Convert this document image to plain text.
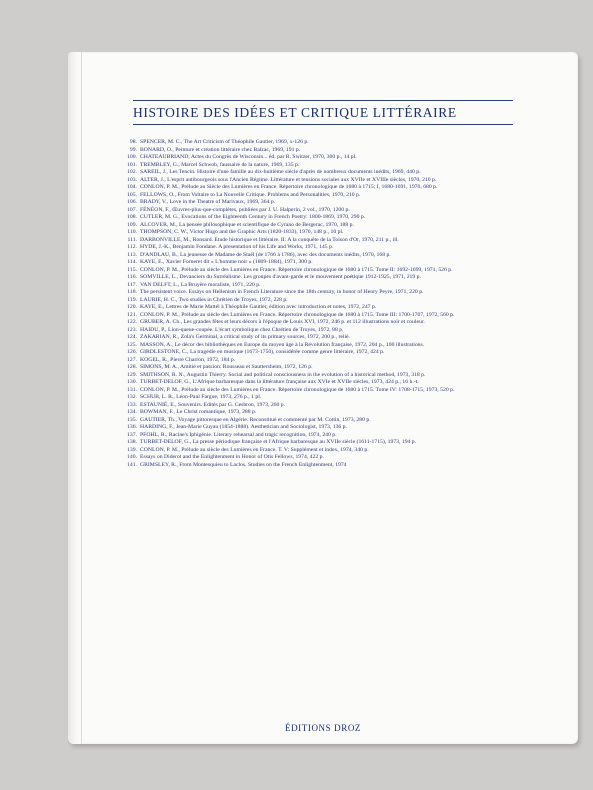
HISTOIRE DES IDÉES ET CRITIQUE LITTÉRAIRE
98. SPENCER, M. C., The Art Criticism of Théophile Gautier, 1969, x-126 p.
99. BONARD, O., Peinture et création littéraire chez Balzac, 1969, 191 p.
100. CHATEAUBRIAND, Actes du Congrès de Wisconsin... éd. par R. Switzer, 1970, 300 p., 14 pl.
101. TREMBLEY, G., Marcel Schwob, faussaire de la nature, 1969, 135 p.
102. SAREIL, J., Les Tencin. Histoire d'une famille au dix-huitième siècle d'après de nombreux documents inédits, 1969, 440 p.
103. ALTER, J., L'esprit antibourgeois sous l'Ancien Régime. Littérature et tensions sociales aux XVIIe et XVIIIe siècles, 1970, 210 p.
104. CONLON, P. M., Prélude au Siècle des Lumières en France. Répertoire chronologique de 1680 à 1715; I, 1680-1691, 1970, 680 p.
105. FELLOWS, O., From Voltaire to La Nouvelle Critique. Problems and Personalities, 1970, 210 p.
106. BRADY, V., Love in the Theatre of Marivaux, 1969, 364 p.
107. FÉNÉON, F., Œuvres-plus-que-complètes, publiées par J. U. Halperin, 2 vol., 1970, 1200 p.
108. CUTLER, M. G., Evocations of the Eighteenth Century in French Poetry: 1800-1869, 1970, 290 p.
109. ALCOVER, M., La pensée philosophique et scientifique de Cyrano de Bergerac, 1970, 188 p.
110. THOMPSON, C. W., Victor Hugo and the Graphic Arts (1820-1833), 1970, 148 p., 10 pl.
111. DARBONVILLE, M., Ronsard. Etude historique et littéraire. II: A la conquête de la Toison d'Or, 1970, 211 p., ill.
112. HYDE, J.-K., Benjamin Fondane. A presentation of his Life and Works, 1971, 145 p.
113. D'ANDLAU, B., La jeunesse de Madame de Staël (de 1766 à 1786), avec des documents inédits, 1970, 168 p.
114. KAYE, E., Xavier Forneret dit « L'homme noir » (1809-1884), 1971, 300 p.
115. CONLON, P. M., Prélude au siècle des Lumières en France. Répertoire chronologique de 1680 à 1715. Tome II: 1692-1699, 1971, 526 p.
116. SOMVILLE, L., Devanciers du Surréalisme. Les groupes d'avant-garde et le mouvement poétique 1912-1925, 1971, 219 p.
117. VAN DELFT, L., La Bruyère moraliste, 1971, 220 p.
118. The persistent voice. Essays on Hellenism in French Literature since the 18th century, in honor of Henry Peyre, 1971, 220 p.
119. LAURIE, H. C., Two studies in Chrétien de Troyes, 1972, 228 p.
120. KAYE, E., Lettres de Marie Mattéi à Théophile Gautier, édition avec introduction et notes, 1972, 247 p.
121. CONLON, P. M., Prélude au siècle des Lumières en France. Répertoire chronologique de 1680 à 1715. Tome III: 1700-1707, 1972, 560 p.
122. GRUBER, A. Ch., Les grandes fêtes et leurs décors à l'époque de Louis XVI, 1972, 246 p. et 112 illustrations noir et couleur.
123. HAIDU, P., Lion-queue-coupée. L'écart symbolique chez Chrétien de Troyes, 1972, 88 p.
124. ZAKARIAN, R., Zola's Germinal, a critical study of its primary sources, 1972, 200 p., relié.
125. MASSON, A., Le décor des bibliothèques en Europe du moyen âge à la Révolution française, 1972, 204 p., 100 illustrations.
126. GIRDLESTONE, C., La tragédie en musique (1673-1750), considérée comme genre littéraire, 1972, 424 p.
127. KOGEL, R., Pierre Charron, 1972, 184 p.
128. SIMONS, M. A., Amitié et passion: Rousseau et Sauttersheim, 1972, 126 p.
129. SMITHSON, R. N., Augustin Thierry. Social and political consciousness in the evolution of a historical method, 1973, 318 p.
130. TURBET-DELOF, G., L'Afrique barbaresque dans la littérature française aux XVIe et XVIIe siècles, 1973, 424 p., 16 h.-t.
131. CONLON, P. M., Prélude au siècle des Lumières en France. Répertoire chronologique de 1680 à 1715. Tome IV: 1708-1715, 1973, 520 p.
132. SCHUB, L. R., Léon-Paul Fargue, 1973, 276 p., 1 pl.
133. ESTAUNIÉ, E., Souvenirs. Edités par G. Cesbron, 1973, 260 p.
134. BOWMAN, F., Le Christ romantique, 1973, 288 p.
135. GAUTIER, Th., Voyage pittoresque en Algérie. Reconstitué et commenté par M. Cottin, 1973, 280 p.
136. HARDING, F., Jean-Marie Guyau (1854-1888). Aesthetician and Sociologist, 1973, 136 p.
137. PFOHL, R., Racine's Iphigénie. Literary rehearsal and tragic recognition, 1974, 240 p.
138. TURBET-DELOF, G., La presse périodique française et l'Afrique barbaresque au XVIIe siècle (1611-1715), 1973, 194 p.
139. CONLON, P. M., Prélude au siècle des Lumières en France. T. V: Supplément et index, 1974, 340 p.
140. Essays on Diderot and the Enlightenment in Honor of Otis Fellows, 1974, 422 p.
141. GRIMSLEY, R., From Montesquieu to Laclos. Studies on the French Enlightenment, 1974
ÉDITIONS DROZ
